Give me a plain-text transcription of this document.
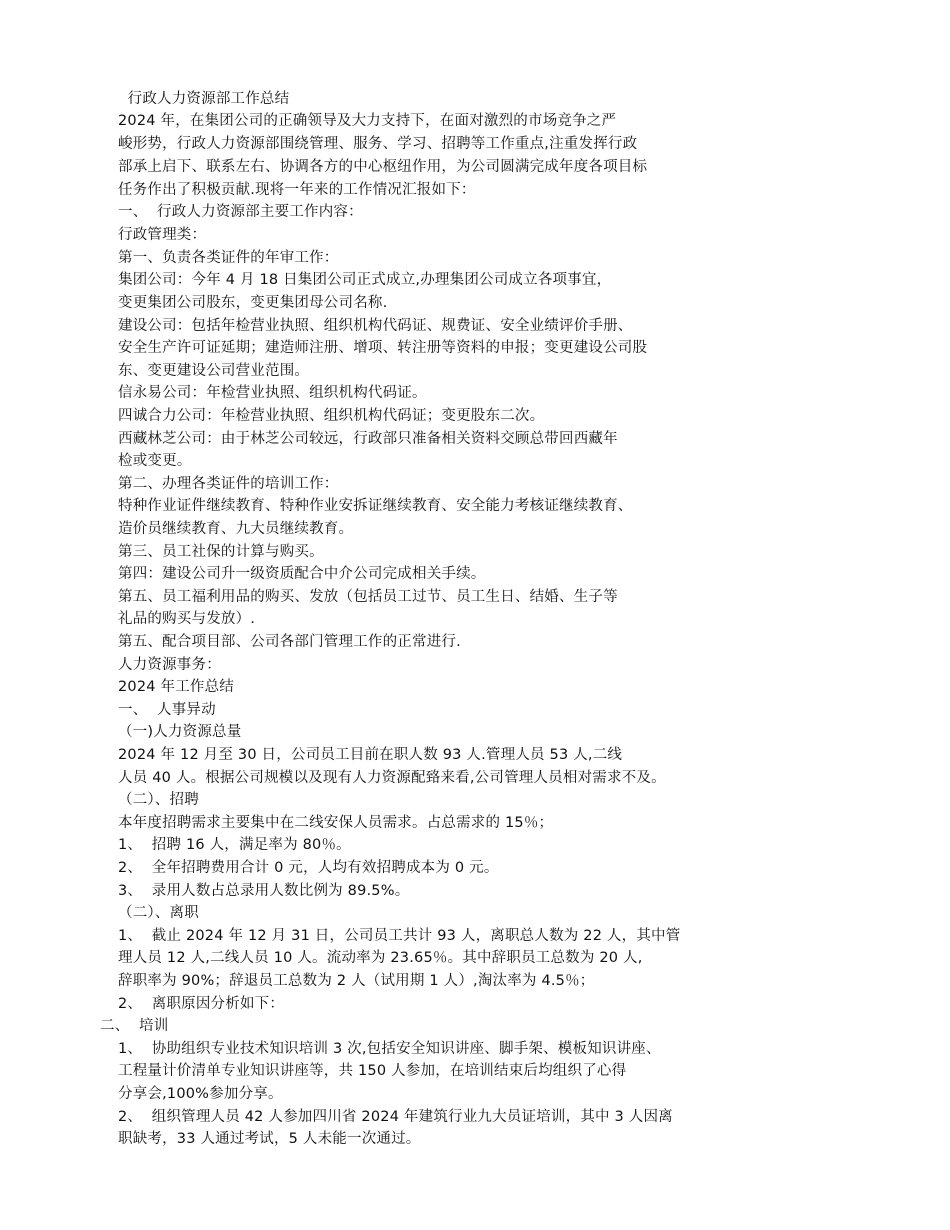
行政人力资源部工作总结
2024 年，在集团公司的正确领导及大力支持下，在面对激烈的市场竞争之严
峻形势，行政人力资源部围绕管理、服务、学习、招聘等工作重点,注重发挥行政
部承上启下、联系左右、协调各方的中心枢纽作用，为公司圆满完成年度各项目标
任务作出了积极贡献.现将一年来的工作情况汇报如下：
一、  行政人力资源部主要工作内容：
行政管理类：
第一、负责各类证件的年审工作：
集团公司：今年 4 月 18 日集团公司正式成立,办理集团公司成立各项事宜，
变更集团公司股东，变更集团母公司名称.
建设公司：包括年检营业执照、组织机构代码证、规费证、安全业绩评价手册、
安全生产许可证延期；建造师注册、增项、转注册等资料的申报；变更建设公司股
东、变更建设公司营业范围。
信永易公司：年检营业执照、组织机构代码证。
四诚合力公司：年检营业执照、组织机构代码证；变更股东二次。
西藏林芝公司：由于林芝公司较远，行政部只准备相关资料交顾总带回西藏年
检或变更。
第二、办理各类证件的培训工作：
特种作业证件继续教育、特种作业安拆证继续教育、安全能力考核证继续教育、
造价员继续教育、九大员继续教育。
第三、员工社保的计算与购买。
第四：建设公司升一级资质配合中介公司完成相关手续。
第五、员工福利用品的购买、发放（包括员工过节、员工生日、结婚、生子等
礼品的购买与发放）.
第五、配合项目部、公司各部门管理工作的正常进行.
人力资源事务：
2024 年工作总结
一、  人事异动
（一)人力资源总量
2024 年 12 月至 30 日，公司员工目前在职人数 93 人.管理人员 53 人,二线
人员 40 人。根据公司规模以及现有人力资源配臵来看,公司管理人员相对需求不及。
（二）、招聘
本年度招聘需求主要集中在二线安保人员需求。占总需求的 15％；
1、  招聘 16 人，满足率为 80％。
2、  全年招聘费用合计 0 元，人均有效招聘成本为 0 元。
3、  录用人数占总录用人数比例为 89.5%。
（二）、离职
1、  截止 2024 年 12 月 31 日，公司员工共计 93 人，离职总人数为 22 人，其中管
理人员 12 人,二线人员 10 人。流动率为 23.65％。其中辞职员工总数为 20 人,
辞职率为 90%；辞退员工总数为 2 人（试用期 1 人）,淘汰率为 4.5％；
2、  离职原因分析如下：
二、  培训
1、  协助组织专业技术知识培训 3 次,包括安全知识讲座、脚手架、模板知识讲座、
工程量计价清单专业知识讲座等，共 150 人参加，在培训结束后均组织了心得
分享会,100%参加分享。
2、  组织管理人员 42 人参加四川省 2024 年建筑行业九大员证培训，其中 3 人因离
职缺考，33 人通过考试，5 人未能一次通过。
